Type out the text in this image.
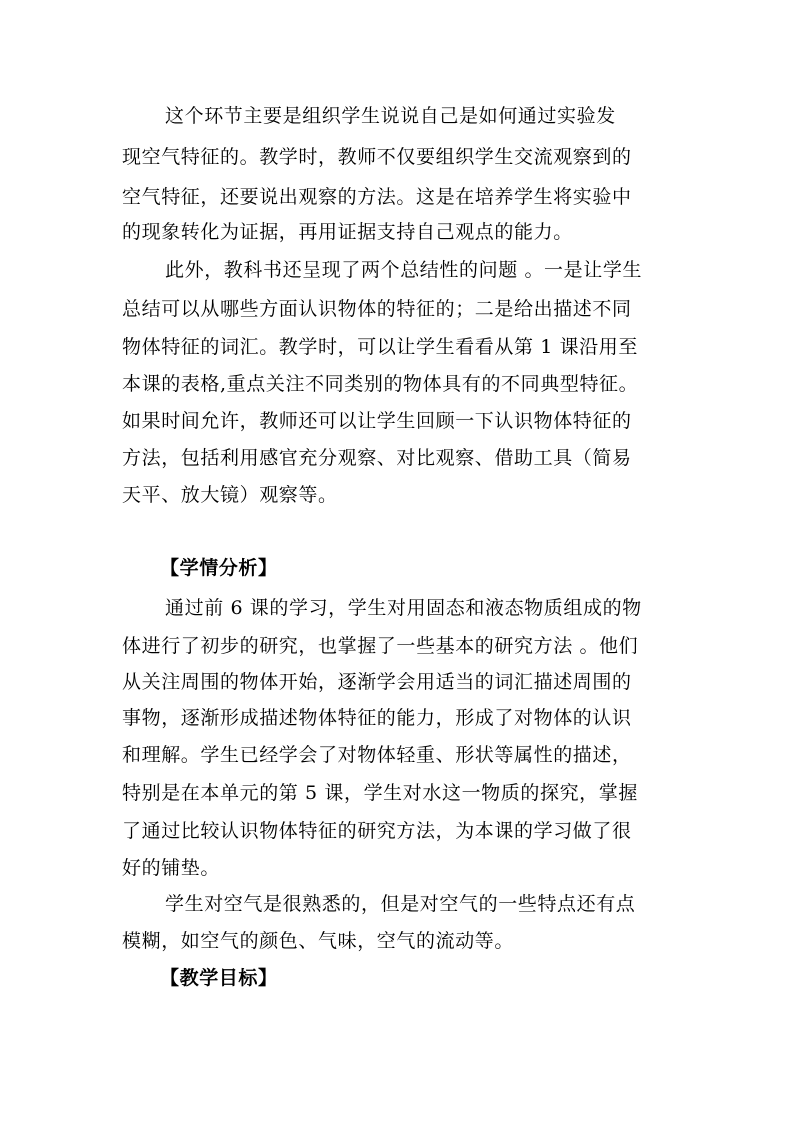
这个环节主要是组织学生说说自己是如何通过实验发
现空气特征的。教学时，教师不仅要组织学生交流观察到的
空气特征，还要说出观察的方法。这是在培养学生将实验中
的现象转化为证据，再用证据支持自己观点的能力。
此外，教科书还呈现了两个总结性的问题 。一是让学生
总结可以从哪些方面认识物体的特征的；二是给出描述不同
物体特征的词汇。教学时，可以让学生看看从第 1 课沿用至
本课的表格,重点关注不同类别的物体具有的不同典型特征。
如果时间允许，教师还可以让学生回顾一下认识物体特征的
方法，包括利用感官充分观察、对比观察、借助工具（简易
天平、放大镜）观察等。
【学情分析】
通过前 6 课的学习，学生对用固态和液态物质组成的物
体进行了初步的研究，也掌握了一些基本的研究方法 。他们
从关注周围的物体开始，逐渐学会用适当的词汇描述周围的
事物，逐渐形成描述物体特征的能力，形成了对物体的认识
和理解。学生已经学会了对物体轻重、形状等属性的描述，
特别是在本单元的第 5 课，学生对水这一物质的探究，掌握
了通过比较认识物体特征的研究方法，为本课的学习做了很
好的铺垫。
学生对空气是很熟悉的，但是对空气的一些特点还有点
模糊，如空气的颜色、气味，空气的流动等。
【教学目标】
